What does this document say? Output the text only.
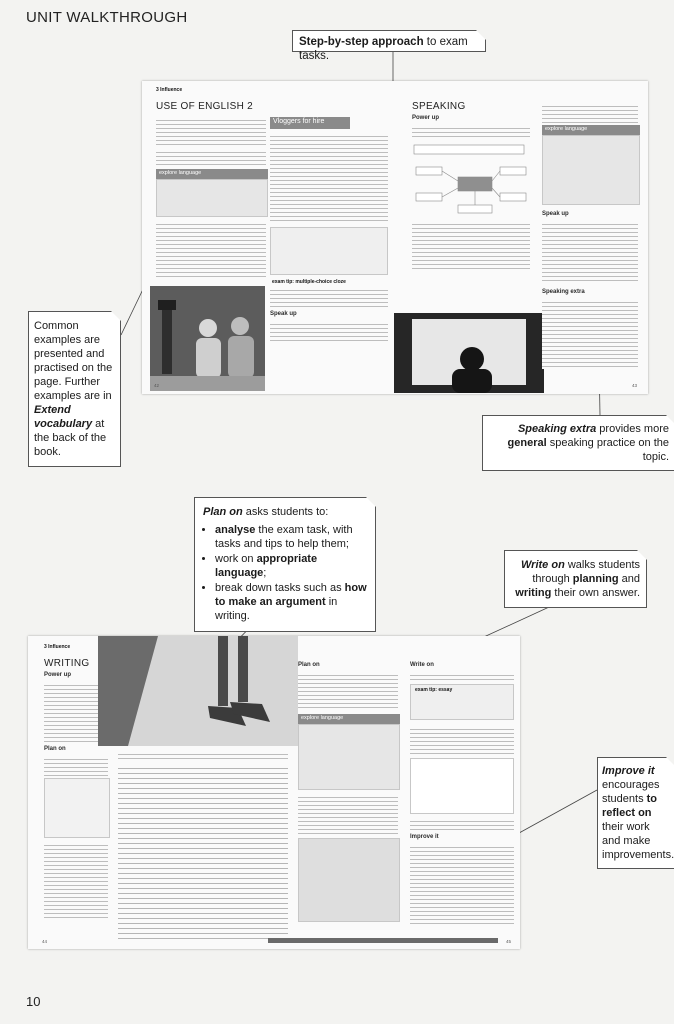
UNIT WALKTHROUGH
3 Influence
USE OF ENGLISH 2
explore language
Vloggers for hire
exam tip: multiple-choice cloze
Speak up
SPEAKING
Power up
explore language
Speak up
Speaking extra
42	43
3 Influence
WRITING
Power up
Plan on
Plan on
explore language
Write on
exam tip: essay
Improve it
44	45
Step-by-step approach to exam tasks.
Common examples are presented and practised on the page. Further examples are in Extend vocabulary at the back of the book.
Speaking extra provides more general speaking practice on the topic.
Plan on asks students to:
• analyse the exam task, with tasks and tips to help them;
• work on appropriate language;
• break down tasks such as how to make an argument in writing.
Write on walks students through planning and writing their own answer.
Improve it encourages students to reflect on their work and make improvements.
10
